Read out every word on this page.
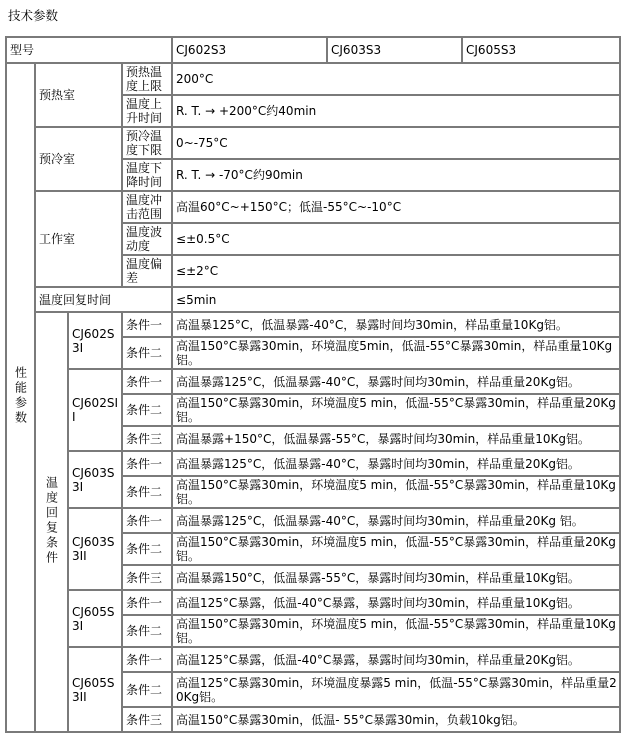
技术参数

型号				CJ602S3	CJ603S3	CJ605S3
性能参数	预热室		预热温度上限	200°C		
			温度上升时间	R. T. → +200°C约40min		
	预冷室		预冷温度下限	0~-75°C		
			温度下降时间	R. T. → -70°C约90min		
	工作室		温度冲击范围	高温60°C~+150°C；低温-55°C~-10°C		
			温度波动度	≤±0.5°C		
			温度偏差	≤±2°C		
	温度回复时间			≤5min		
	温度回复条件	CJ602S3I	条件一	高温暴125°C，低温暴露-40°C，暴露时间均30min，样品重量10Kg铝。		
			条件二	高温150°C暴露30min，环境温度5min，低温-55°C暴露30min，样品重量10Kg铝。		
		CJ602SII	条件一	高温暴露125°C，低温暴露-40°C，暴露时间均30min，样品重量20Kg铝。		
			条件二	高温150°C暴露30min，环境温度5 min，低温-55°C暴露30min，样品重量20Kg铝。		
			条件三	高温暴露+150°C，低温暴露-55°C，暴露时间均30min，样品重量10Kg铝。		
		CJ603S3I	条件一	高温暴露125°C，低温暴露-40°C，暴露时间均30min，样品重量20Kg铝。		
			条件二	高温150°C暴露30min，环境温度5 min，低温-55°C暴露30min，样品重量10Kg铝。		
		CJ603S3II	条件一	高温暴露125°C，低温暴露-40°C，暴露时间均30min，样品重量20Kg 铝。		
			条件二	高温150°C暴露30min，环境温度5 min，低温-55°C暴露30min，样品重量20Kg铝。		
			条件三	高温暴露150°C，低温暴露-55°C，暴露时间均30min，样品重量10Kg铝。		
		CJ605S3I	条件一	高温125°C暴露，低温-40°C暴露，暴露时间均30min，样品重量10Kg铝。		
			条件二	高温150°C暴露30min，环境温度5 min，低温-55°C暴露30min，样品重量10Kg铝。		
		CJ605S3II	条件一	高温125°C暴露，低温-40°C暴露，暴露时间均30min，样品重量20Kg铝。		
			条件二	高温125°C暴露30min，环境温度暴露5 min，低温-55°C暴露30min，样品重量20Kg铝。		
			条件三	高温150°C暴露30min，低温- 55°C暴露30min，负载10kg铝。		
